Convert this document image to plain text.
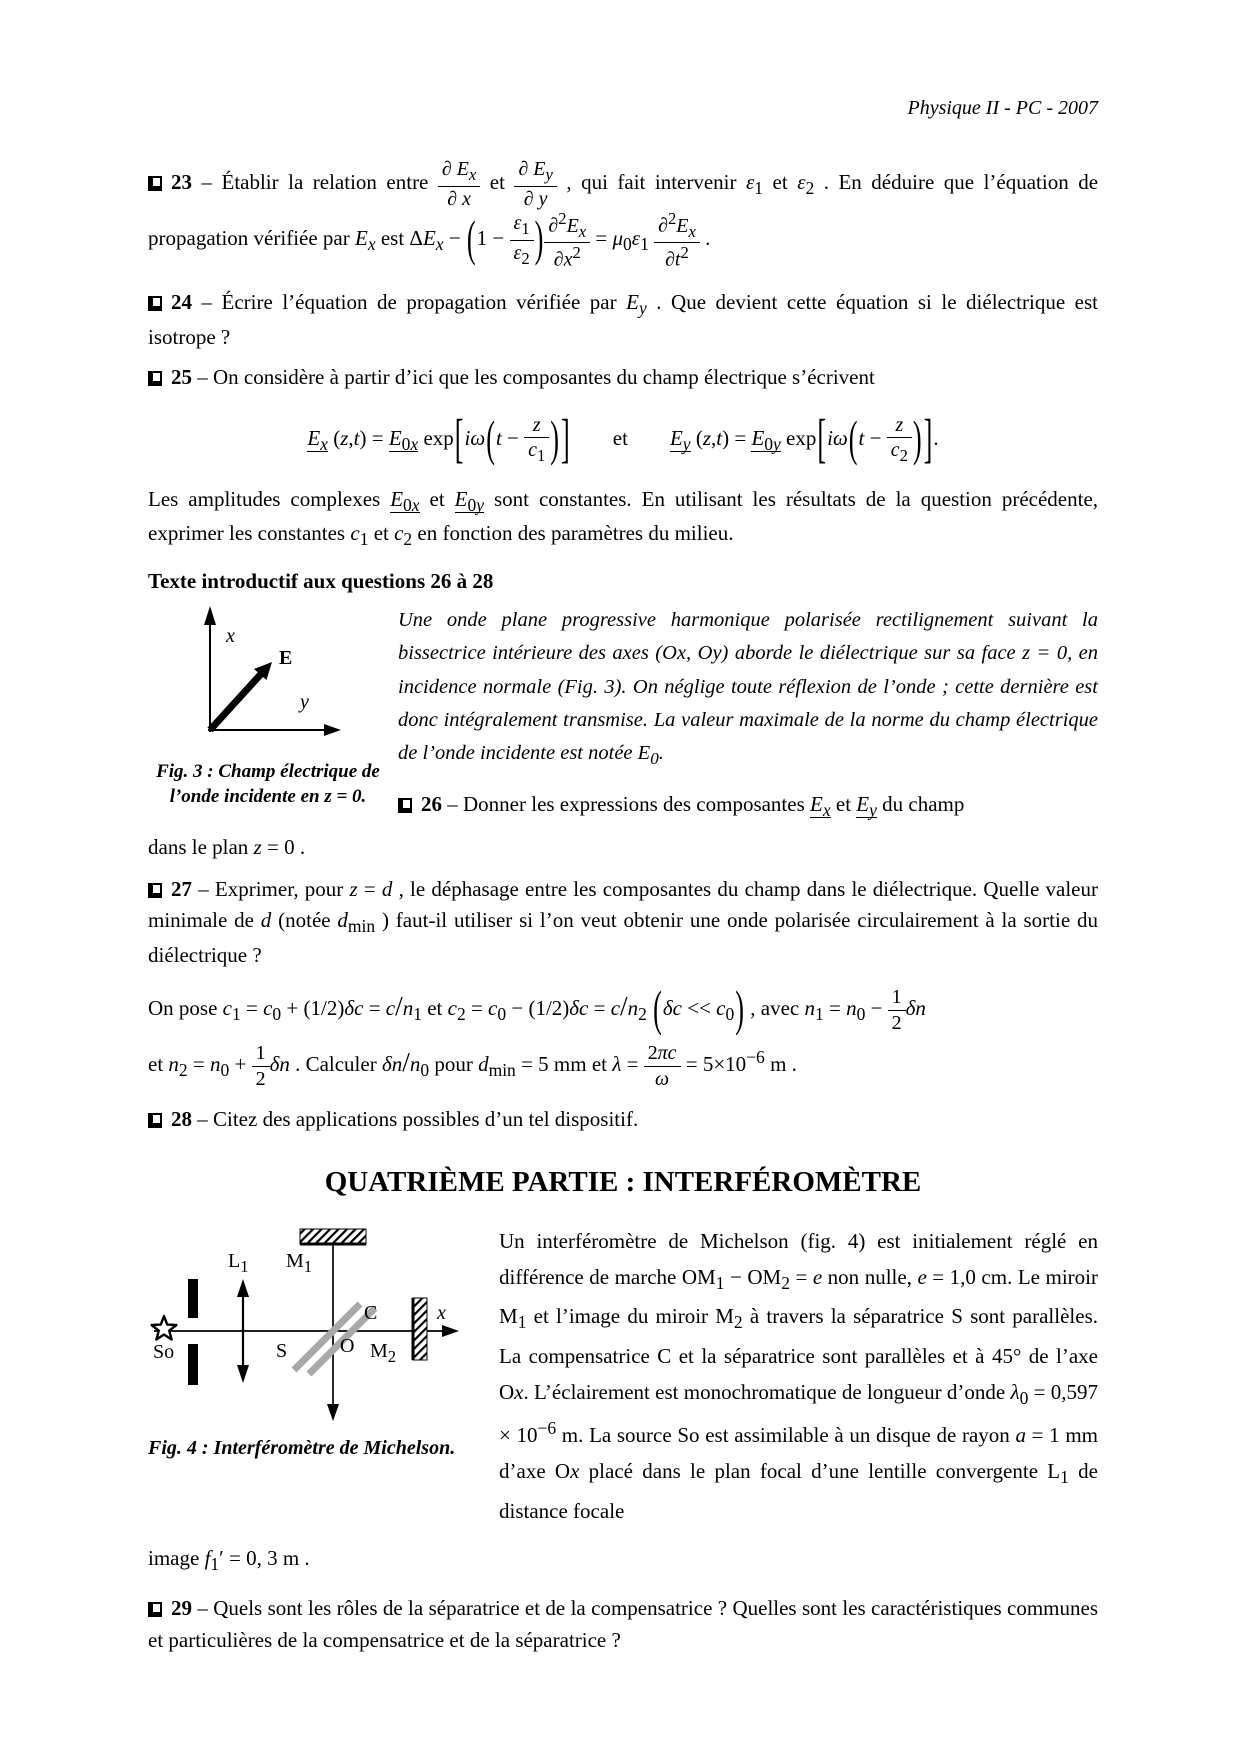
Physique II - PC - 2007

23 – Établir la relation entre $\frac{\partial E_x}{\partial x}$ et $\frac{\partial E_y}{\partial y}$ , qui fait intervenir $\varepsilon_1$ et $\varepsilon_2$ . En déduire que l’équation de propagation vérifiée par $E_x$ est $\Delta E_x - (1 - \frac{\varepsilon_1}{\varepsilon_2}$ ) $\frac{\partial^2E_x}{\partial x^2} = \mu_0\varepsilon_1 \frac{\partial^2E_x}{\partial t^2}$ .

24 – Écrire l’équation de propagation vérifiée par $E_y$ . Que devient cette équation si le diélectrique est isotrope ?

25 – On considère à partir d’ici que les composantes du champ électrique s’écrivent

$E_x$ $(z,t) = E_{0x}$ $\exp[i\omega(t - \frac{z}{c_1}$ )]  et  $E_y$ $(z,t) = E_{0y}$ $\exp[i\omega(t - \frac{z}{c_2}$ )].

Les amplitudes complexes $E_{0x}$ et $E_{0y}$ sont constantes. En utilisant les résultats de la question précédente, exprimer les constantes $c_1$ et $c_2$ en fonction des paramètres du milieu.

Texte introductif aux questions 26 à 28

x
y
E
Fig. 3 : Champ électrique de
l’onde incidente en z = 0.

Une onde plane progressive harmonique polarisée rectilignement suivant la bissectrice intérieure des axes (Ox, Oy) aborde le diélectrique sur sa face z = 0, en incidence normale (Fig. 3). On néglige toute réflexion de l’onde ; cette dernière est donc intégralement transmise. La valeur maximale de la norme du champ électrique de l’onde incidente est notée $E_0$.

26 – Donner les expressions des composantes $E_x$ et $E_y$ du champ

dans le plan z = 0 .

27 – Exprimer, pour z = d , le déphasage entre les composantes du champ dans le diélectrique. Quelle valeur minimale de d (notée $d_{min}$ ) faut-il utiliser si l’on veut obtenir une onde polarisée circulairement à la sortie du diélectrique ?

On pose $c_1 = c_0 + (1/2)\delta c = c/n_1$ et $c_2 = c_0 - (1/2)\delta c = c/n_2$ $(\delta c << c_0)$ , avec $n_1 = n_0 - \frac{1}{2}$ δn

et $n_2 = n_0 + \frac{1}{2}$ δn . Calculer $\delta n/n_0$ pour $d_{min} = 5$ mm et $\lambda = \frac{2\pi c}{\omega} = 5\times 10^{-6}$ m .

28 – Citez des applications possibles d’un tel dispositif.

QUATRIÈME PARTIE : INTERFÉROMÈTRE
$L_1$ $M_1$
C
S	O $M_2$
x
So
Fig. 4 : Interféromètre de Michelson.
Un interféromètre de Michelson (fig. 4) est initialement réglé en différence de marche $OM_1 - OM_2 = e$ non nulle, e = 1,0 cm. Le miroir $M_1$ et l’image du miroir $M_2$ à travers la séparatrice S sont parallèles. La compensatrice C et la séparatrice sont parallèles et à 45° de l’axe Ox. L’éclairement est monochromatique de longueur d’onde $\lambda_0 = 0,597 \times 10^{-6}$ m. La source So est assimilable à un disque de rayon a = 1 mm d’axe Ox placé dans le plan focal d’une lentille convergente $L_1$ de distance focale

image $f_1' = 0$, 3 m .

29 – Quels sont les rôles de la séparatrice et de la compensatrice ? Quelles sont les caractéristiques communes et particulières de la compensatrice et de la séparatrice ?
